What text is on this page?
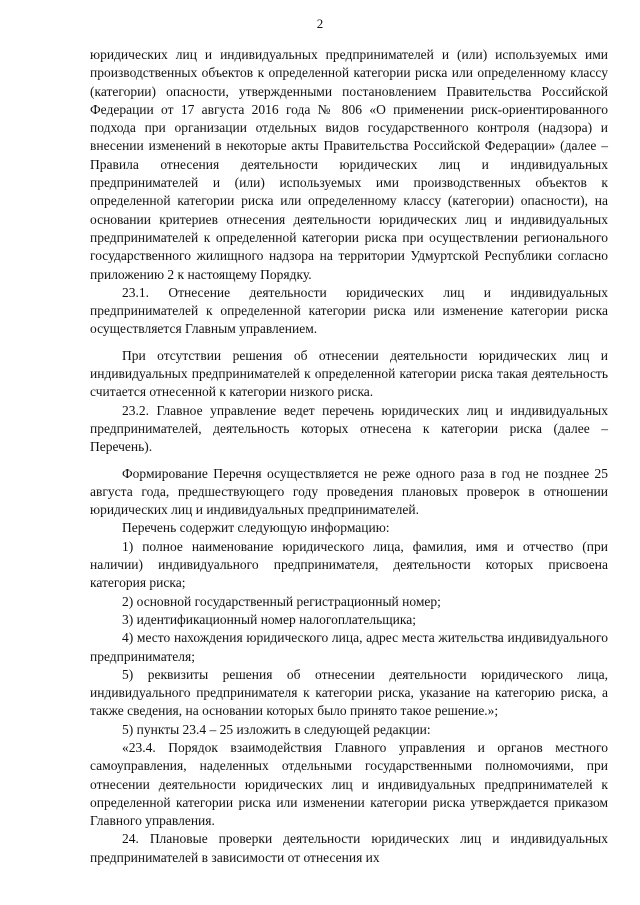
2

юридических лиц и индивидуальных предпринимателей и (или) используемых ими производственных объектов к определенной категории риска или определенному классу (категории) опасности, утвержденными постановлением Правительства Российской Федерации от 17 августа 2016 года № 806 «О применении риск-ориентированного подхода при организации отдельных видов государственного контроля (надзора) и внесении изменений в некоторые акты Правительства Российской Федерации» (далее – Правила отнесения деятельности юридических лиц и индивидуальных предпринимателей и (или) используемых ими производственных объектов к определенной категории риска или определенному классу (категории) опасности), на основании критериев отнесения деятельности юридических лиц и индивидуальных предпринимателей к определенной категории риска при осуществлении регионального государственного жилищного надзора на территории Удмуртской Республики согласно приложению 2 к настоящему Порядку.

23.1. Отнесение деятельности юридических лиц и индивидуальных предпринимателей к определенной категории риска или изменение категории риска осуществляется Главным управлением.

При отсутствии решения об отнесении деятельности юридических лиц и индивидуальных предпринимателей к определенной категории риска такая деятельность считается отнесенной к категории низкого риска.

23.2. Главное управление ведет перечень юридических лиц и индивидуальных предпринимателей, деятельность которых отнесена к категории риска (далее – Перечень).

Формирование Перечня осуществляется не реже одного раза в год не позднее 25 августа года, предшествующего году проведения плановых проверок в отношении юридических лиц и индивидуальных предпринимателей.

Перечень содержит следующую информацию:

1) полное наименование юридического лица, фамилия, имя и отчество (при наличии) индивидуального предпринимателя, деятельности которых присвоена категория риска;

2) основной государственный регистрационный номер;

3) идентификационный номер налогоплательщика;

4) место нахождения юридического лица, адрес места жительства индивидуального предпринимателя;

5) реквизиты решения об отнесении деятельности юридического лица, индивидуального предпринимателя к категории риска, указание на категорию риска, а также сведения, на основании которых было принято такое решение.»;

5) пункты 23.4 – 25 изложить в следующей редакции:

«23.4. Порядок взаимодействия Главного управления и органов местного самоуправления, наделенных отдельными государственными полномочиями, при отнесении деятельности юридических лиц и индивидуальных предпринимателей к определенной категории риска или изменении категории риска утверждается приказом Главного управления.

24. Плановые проверки деятельности юридических лиц и индивидуальных предпринимателей в зависимости от отнесения их
